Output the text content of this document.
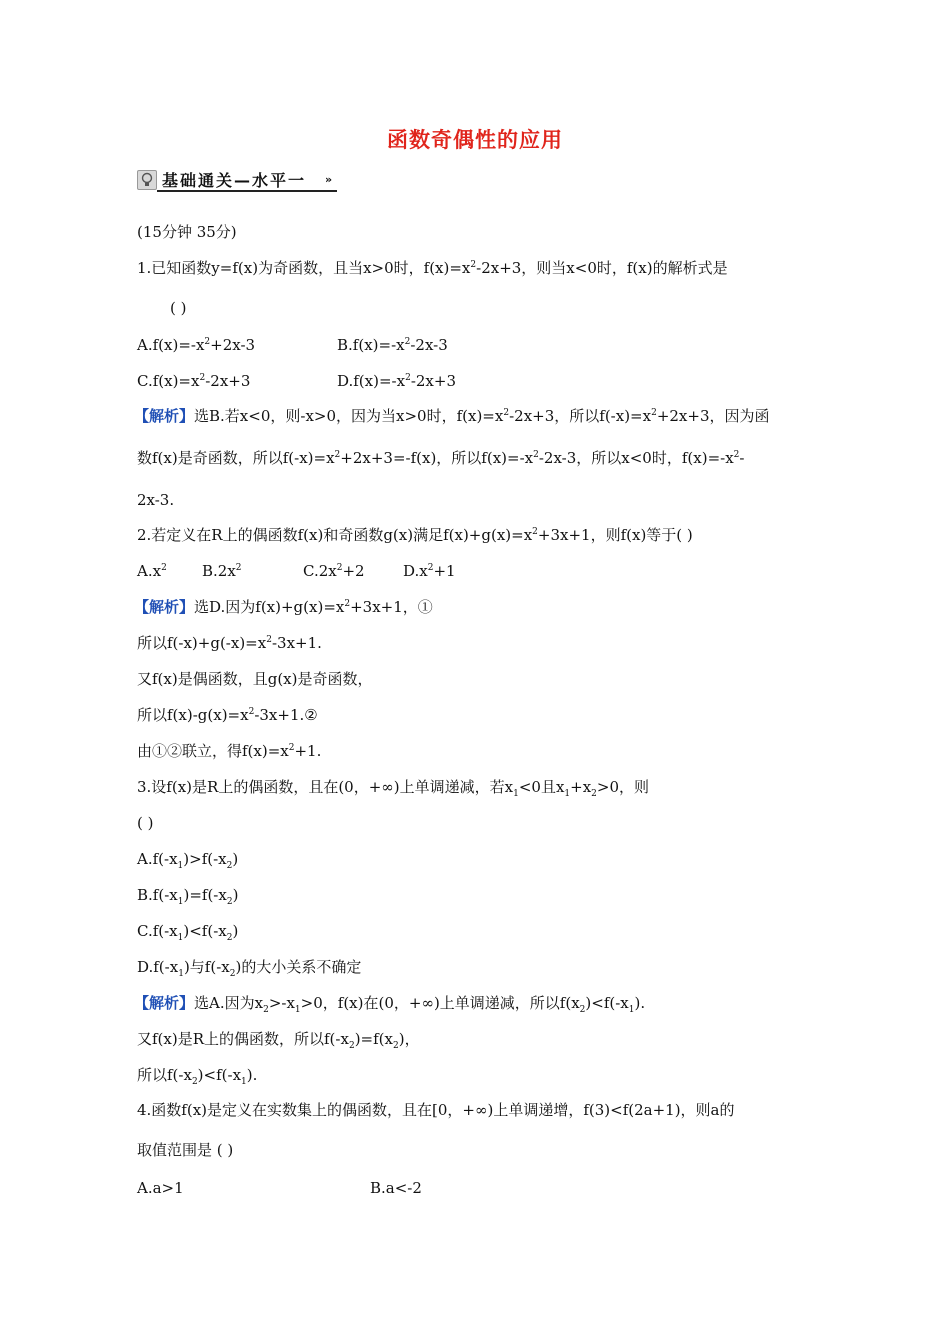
函数奇偶性的应用
基础通关—水平一 »
(15分钟 35分)
1.已知函数y=f(x)为奇函数，且当x>0时，$f(x)=x^2-2x+3$，则当x<0时，f(x)的解析式是
( )
$A.f(x)=-x^2+2x-3$	$B.f(x)=-x^2-2x-3$
$C.f(x)=x^2-2x+3$	$D.f(x)=-x^2-2x+3$
【解析】选B.若x<0，则-x>0，因为当x>0时，$f(x)=x^2-2x+3$，所以$f(-x)=x^2+2x+3$，因为函
数f(x)是奇函数，所以$f(-x)=x^2+2x+3=-f(x)$，所以$f(x)=-x^2-2x-3$，所以x<0时，$f(x)=-x^2-$
2x-3.
2.若定义在R上的偶函数f(x)和奇函数g(x)满足$f(x)+g(x)=x^2+3x+1$，则f(x)等于( )
$A.x^2$ $B.2x^2$	$C.2x^2+2$	$D.x^2+1$
【解析】选D.因为$f(x)+g(x)=x^2+3x+1$，①
所以$f(-x)+g(-x)=x^2-3x+1$.
又f(x)是偶函数，且g(x)是奇函数，
所以$f(x)-g(x)=x^2-3x+1.②$
由①②联立，得$f(x)=x^2+1$.
3.设f(x)是R上的偶函数，且在(0，+∞)上单调递减，若$x_1<0$且$x_1+x_2>0$，则
( )
$A.f(-x_1)>f(-x_2)$
$B.f(-x_1)=f(-x_2)$
$C.f(-x_1)<f(-x_2)$
$D.f(-x_1)$与$f(-x_2)$的大小关系不确定
【解析】选A.因为$x_2>-x_1>0$，f(x)在(0，+∞)上单调递减，所以$f(x_2)<f(-x_1)$.
又f(x)是R上的偶函数，所以$f(-x_2)=f(x_2)$，
所以$f(-x_2)<f(-x_1)$.
4.函数f(x)是定义在实数集上的偶函数，且在[0，+∞)上单调递增，f(3)<f(2a+1)，则a的
取值范围是 ( )
A.a>1	B.a<-2
